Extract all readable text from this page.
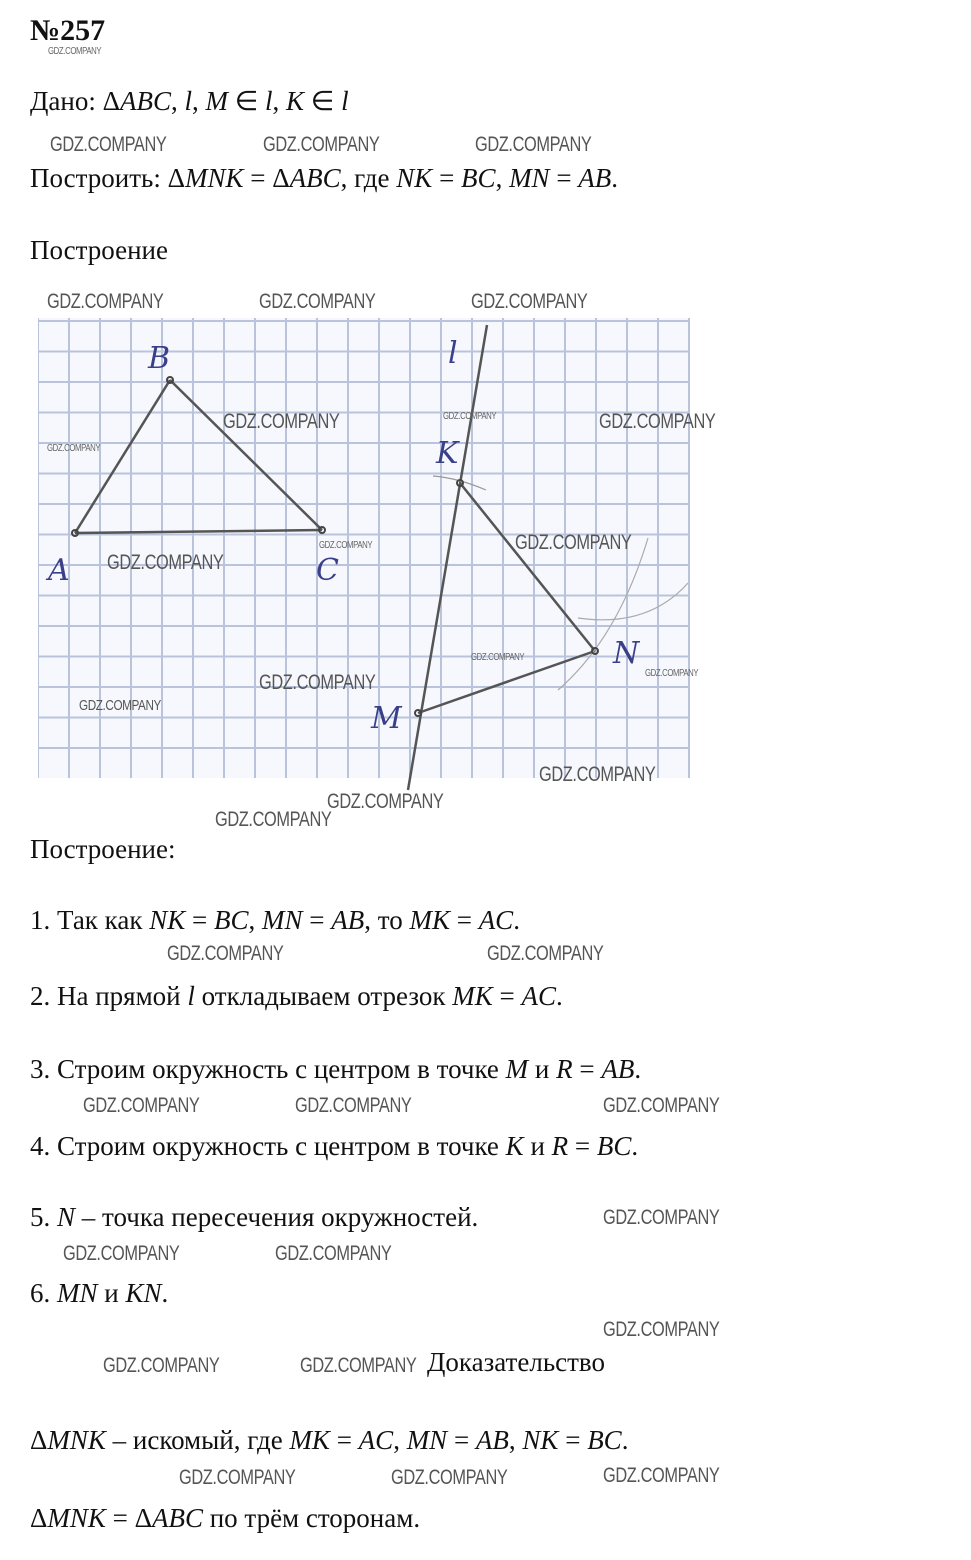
№257
Дано: ΔABC, l, M ∈ l, K ∈ l
Построить: ΔMNK = ΔABC, где NK = BC, MN = AB.
Построение
B
A	C
l
K
N
M
Построение:
1. Так как NK = BC, MN = AB, то MK = AC.
2. На прямой l откладываем отрезок MK = AC.
3. Строим окружность с центром в точке M и R = AB.
4. Строим окружность с центром в точке K и R = BC.
5. N – точка пересечения окружностей.
6. MN и KN.
Доказательство
ΔMNK – искомый, где MK = AC, MN = AB, NK = BC.
ΔMNK = ΔABC по трём сторонам.
GDZ.COMPANY
GDZ.COMPANY	GDZ.COMPANY	GDZ.COMPANY
GDZ.COMPANY	GDZ.COMPANY	GDZ.COMPANY
GDZ.COMPANY	GDZ.COMPANY	GDZ.COMPANY
GDZ.COMPANY
GDZ.COMPANY	GDZ.COMPANY
GDZ.COMPANY
GDZ.COMPANY
GDZ.COMPANY
GDZ.COMPANY
GDZ.COMPANY
GDZ.COMPANY
GDZ.COMPANY
GDZ.COMPANY
GDZ.COMPANY	GDZ.COMPANY
GDZ.COMPANY	GDZ.COMPANY	GDZ.COMPANY
GDZ.COMPANY
GDZ.COMPANY	GDZ.COMPANY
GDZ.COMPANY
GDZ.COMPANY	GDZ.COMPANY
GDZ.COMPANY
GDZ.COMPANY	GDZ.COMPANY
